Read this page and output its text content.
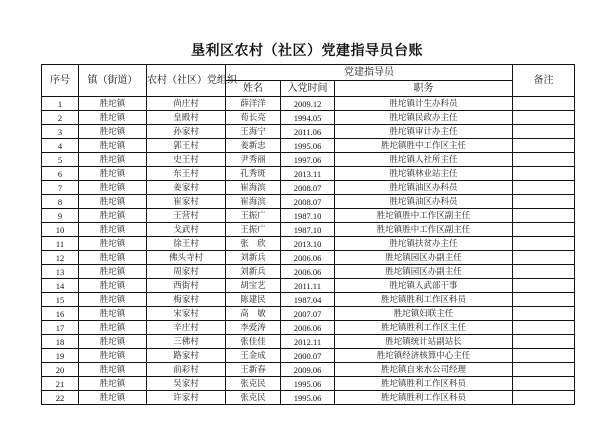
垦利区农村（社区）党建指导员台账
序号	镇（街道）	农村（社区）党组织	党建指导员			备注
			姓名	入党时间	职务	
1	胜坨镇	尚庄村	薛洋洋	2009.12	胜坨镇计生办科员	
2	胜坨镇	皇殿村	荀长亮	1994.05	胜坨镇民政办主任	
3	胜坨镇	孙家村	王海宁	2011.06	胜坨镇审计办主任	
4	胜坨镇	郭王村	姜新忠	1995.06	胜坨镇胜中工作区主任	
5	胜坨镇	史王村	尹秀丽	1997.06	胜坨镇人社所主任	
6	胜坨镇	东王村	孔秀斑	2013.11	胜坨镇林业站主任	
7	胜坨镇	姜家村	崔海滨	2008.07	胜坨镇油区办科员	
8	胜坨镇	崔家村	崔海滨	2008.07	胜坨镇油区办科员	
9	胜坨镇	王营村	王振广	1987.10	胜坨镇胜中工作区副主任	
10	胜坨镇	戈武村	王振广	1987.10	胜坨镇胜中工作区副主任	
11	胜坨镇	徐王村	张　欣	2013.10	胜坨镇扶贫办主任	
12	胜坨镇	佛头寺村	刘新兵	2006.06	胜坨镇园区办副主任	
13	胜坨镇	周家村	刘新兵	2006.06	胜坨镇园区办副主任	
14	胜坨镇	西街村	胡宝艺	2011.11	胜坨镇人武部干事	
15	胜坨镇	梅家村	陈建民	1987.04	胜坨镇胜利工作区科员	
16	胜坨镇	宋家村	高　敏	2007.07	胜坨镇妇联主任	
17	胜坨镇	辛庄村	李爱涛	2006.06	胜坨镇胜利工作区主任	
18	胜坨镇	三佛村	张佳佳	2012.11	胜坨镇统计站副站长	
19	胜坨镇	路家村	王金成	2000.07	胜坨镇经济核算中心主任	
20	胜坨镇	前彩村	王新春	2009.06	胜坨镇自来水公司经理	
21	胜坨镇	吴家村	张克民	1995.06	胜坨镇胜利工作区科员	
22	胜坨镇	许家村	张克民	1995.06	胜坨镇胜利工作区科员	
